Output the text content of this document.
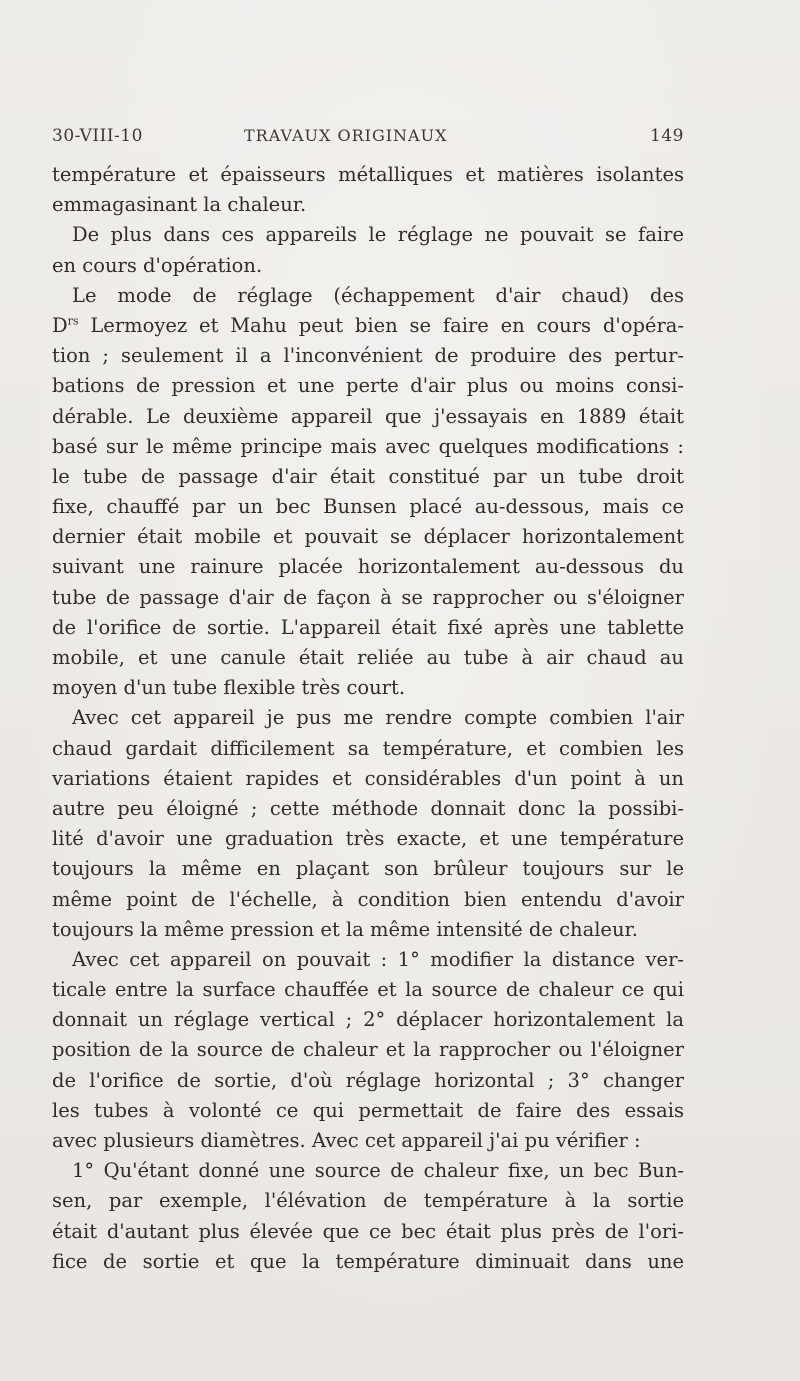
30-VIII-10	TRAVAUX ORIGINAUX	149
température et épaisseurs métalliques et matières isolantes
emmagasinant la chaleur.
De plus dans ces appareils le réglage ne pouvait se faire
en cours d'opération.
Le mode de réglage (échappement d'air chaud) des
$D^{rs}$ Lermoyez et Mahu peut bien se faire en cours d'opéra-
tion ; seulement il a l'inconvénient de produire des pertur-
bations de pression et une perte d'air plus ou moins consi-
dérable. Le deuxième appareil que j'essayais en 1889 était
basé sur le même principe mais avec quelques modifications :
le tube de passage d'air était constitué par un tube droit
fixe, chauffé par un bec Bunsen placé au-dessous, mais ce
dernier était mobile et pouvait se déplacer horizontalement
suivant une rainure placée horizontalement au-dessous du
tube de passage d'air de façon à se rapprocher ou s'éloigner
de l'orifice de sortie. L'appareil était fixé après une tablette
mobile, et une canule était reliée au tube à air chaud au
moyen d'un tube flexible très court.
Avec cet appareil je pus me rendre compte combien l'air
chaud gardait difficilement sa température, et combien les
variations étaient rapides et considérables d'un point à un
autre peu éloigné ; cette méthode donnait donc la possibi-
lité d'avoir une graduation très exacte, et une température
toujours la même en plaçant son brûleur toujours sur le
même point de l'échelle, à condition bien entendu d'avoir
toujours la même pression et la même intensité de chaleur.
Avec cet appareil on pouvait : 1° modifier la distance ver-
ticale entre la surface chauffée et la source de chaleur ce qui
donnait un réglage vertical ; 2° déplacer horizontalement la
position de la source de chaleur et la rapprocher ou l'éloigner
de l'orifice de sortie, d'où réglage horizontal ; 3° changer
les tubes à volonté ce qui permettait de faire des essais
avec plusieurs diamètres. Avec cet appareil j'ai pu vérifier :
1° Qu'étant donné une source de chaleur fixe, un bec Bun-
sen, par exemple, l'élévation de température à la sortie
était d'autant plus élevée que ce bec était plus près de l'ori-
fice de sortie et que la température diminuait dans une
